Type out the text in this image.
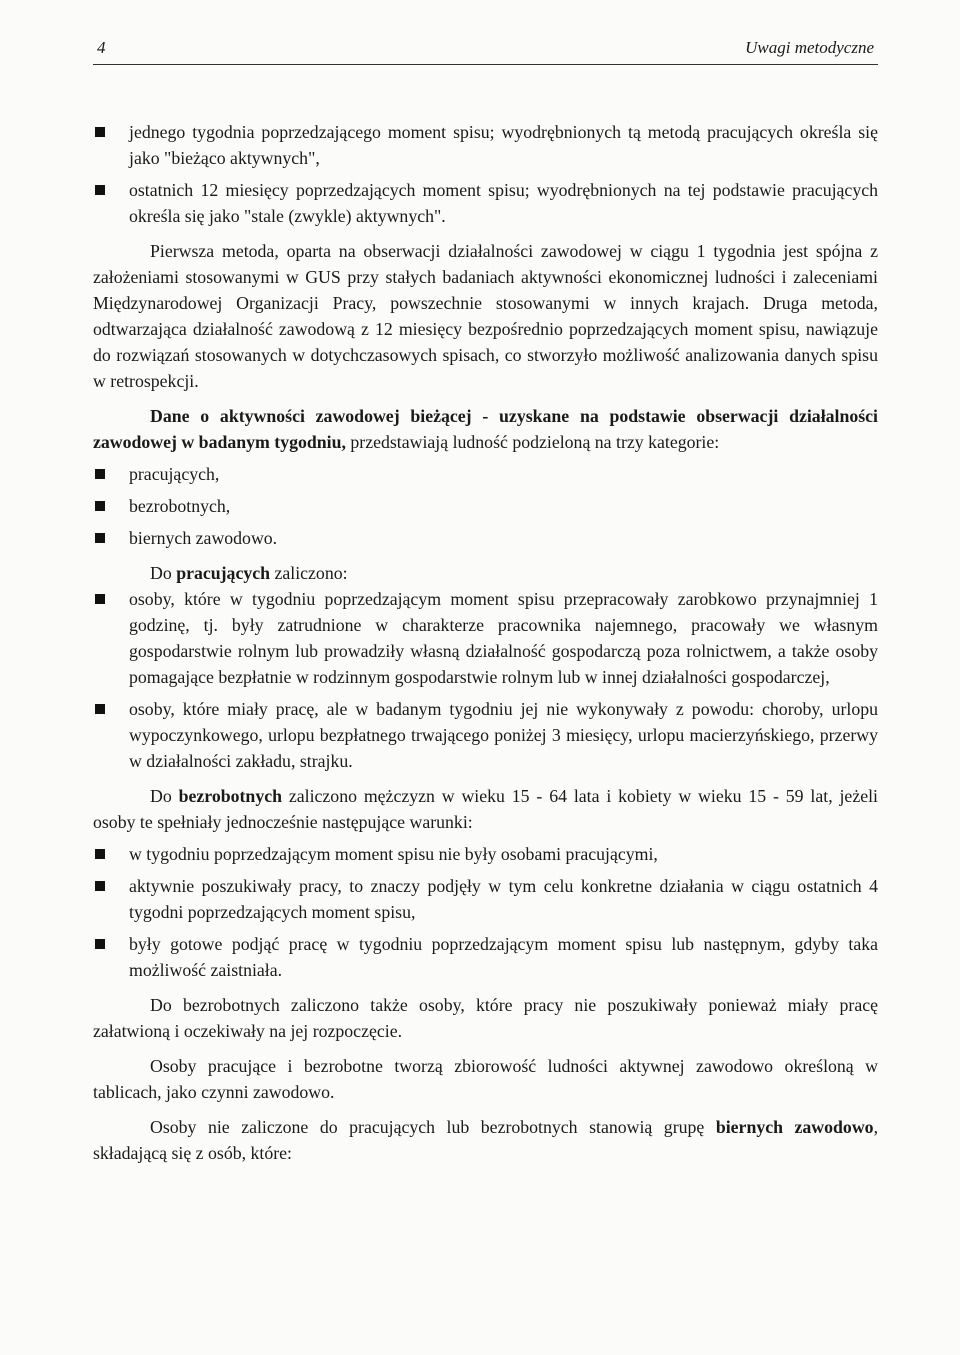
4	Uwagi metodyczne

jednego tygodnia poprzedzającego moment spisu; wyodrębnionych tą metodą pracujących określa się jako "bieżąco aktywnych",

ostatnich 12 miesięcy poprzedzających moment spisu; wyodrębnionych na tej podstawie pracujących określa się jako "stale (zwykle) aktywnych".

Pierwsza metoda, oparta na obserwacji działalności zawodowej w ciągu 1 tygodnia jest spójna z założeniami stosowanymi w GUS przy stałych badaniach aktywności ekonomicznej ludności i zaleceniami Międzynarodowej Organizacji Pracy, powszechnie stosowanymi w innych krajach. Druga metoda, odtwarzająca działalność zawodową z 12 miesięcy bezpośrednio poprzedzających moment spisu, nawiązuje do rozwiązań stosowanych w dotychczasowych spisach, co stworzyło możliwość analizowania danych spisu w retrospekcji.

Dane o aktywności zawodowej bieżącej - uzyskane na podstawie obserwacji działalności zawodowej w badanym tygodniu, przedstawiają ludność podzieloną na trzy kategorie:

pracujących,

bezrobotnych,

biernych zawodowo.

Do pracujących zaliczono:

osoby, które w tygodniu poprzedzającym moment spisu przepracowały zarobkowo przynajmniej 1 godzinę, tj. były zatrudnione w charakterze pracownika najemnego, pracowały we własnym gospodarstwie rolnym lub prowadziły własną działalność gospodarczą poza rolnictwem, a także osoby pomagające bezpłatnie w rodzinnym gospodarstwie rolnym lub w innej działalności gospodarczej,

osoby, które miały pracę, ale w badanym tygodniu jej nie wykonywały z powodu: choroby, urlopu wypoczynkowego, urlopu bezpłatnego trwającego poniżej 3 miesięcy, urlopu macierzyńskiego, przerwy w działalności zakładu, strajku.

Do bezrobotnych zaliczono mężczyzn w wieku 15 - 64 lata i kobiety w wieku 15 - 59 lat, jeżeli osoby te spełniały jednocześnie następujące warunki:

w tygodniu poprzedzającym moment spisu nie były osobami pracującymi,

aktywnie poszukiwały pracy, to znaczy podjęły w tym celu konkretne działania w ciągu ostatnich 4 tygodni poprzedzających moment spisu,

były gotowe podjąć pracę w tygodniu poprzedzającym moment spisu lub następnym, gdyby taka możliwość zaistniała.

Do bezrobotnych zaliczono także osoby, które pracy nie poszukiwały ponieważ miały pracę załatwioną i oczekiwały na jej rozpoczęcie.

Osoby pracujące i bezrobotne tworzą zbiorowość ludności aktywnej zawodowo określoną w tablicach, jako czynni zawodowo.

Osoby nie zaliczone do pracujących lub bezrobotnych stanowią grupę biernych zawodowo, składającą się z osób, które:
